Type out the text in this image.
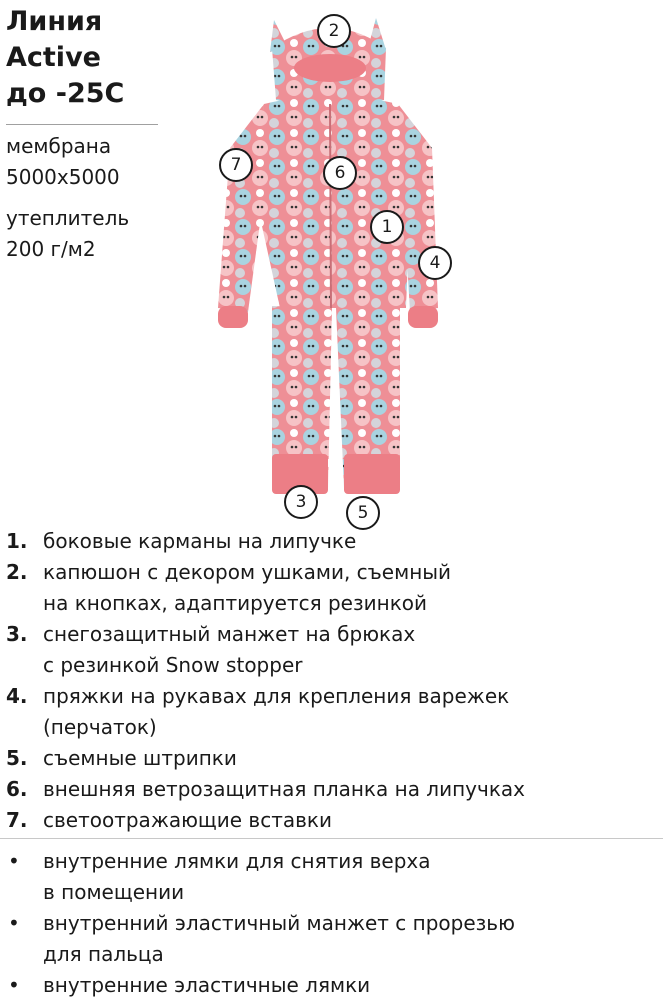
Линия
Active
до -25С
мембрана
5000х5000
утеплитель
200 г/м2
2
7	6
1
4
3
5
1. боковые карманы на липучке
2. капюшон с декором ушками, съемный
на кнопках, адаптируется резинкой
3. снегозащитный манжет на брюках
с резинкой Snow stopper
4. пряжки на рукавах для крепления варежек
(перчаток)
5. съемные штрипки
6. внешняя ветрозащитная планка на липучках
7. светоотражающие вставки
• внутренние лямки для снятия верха
в помещении
• внутренний эластичный манжет с прорезью
для пальца
• внутренние эластичные лямки
